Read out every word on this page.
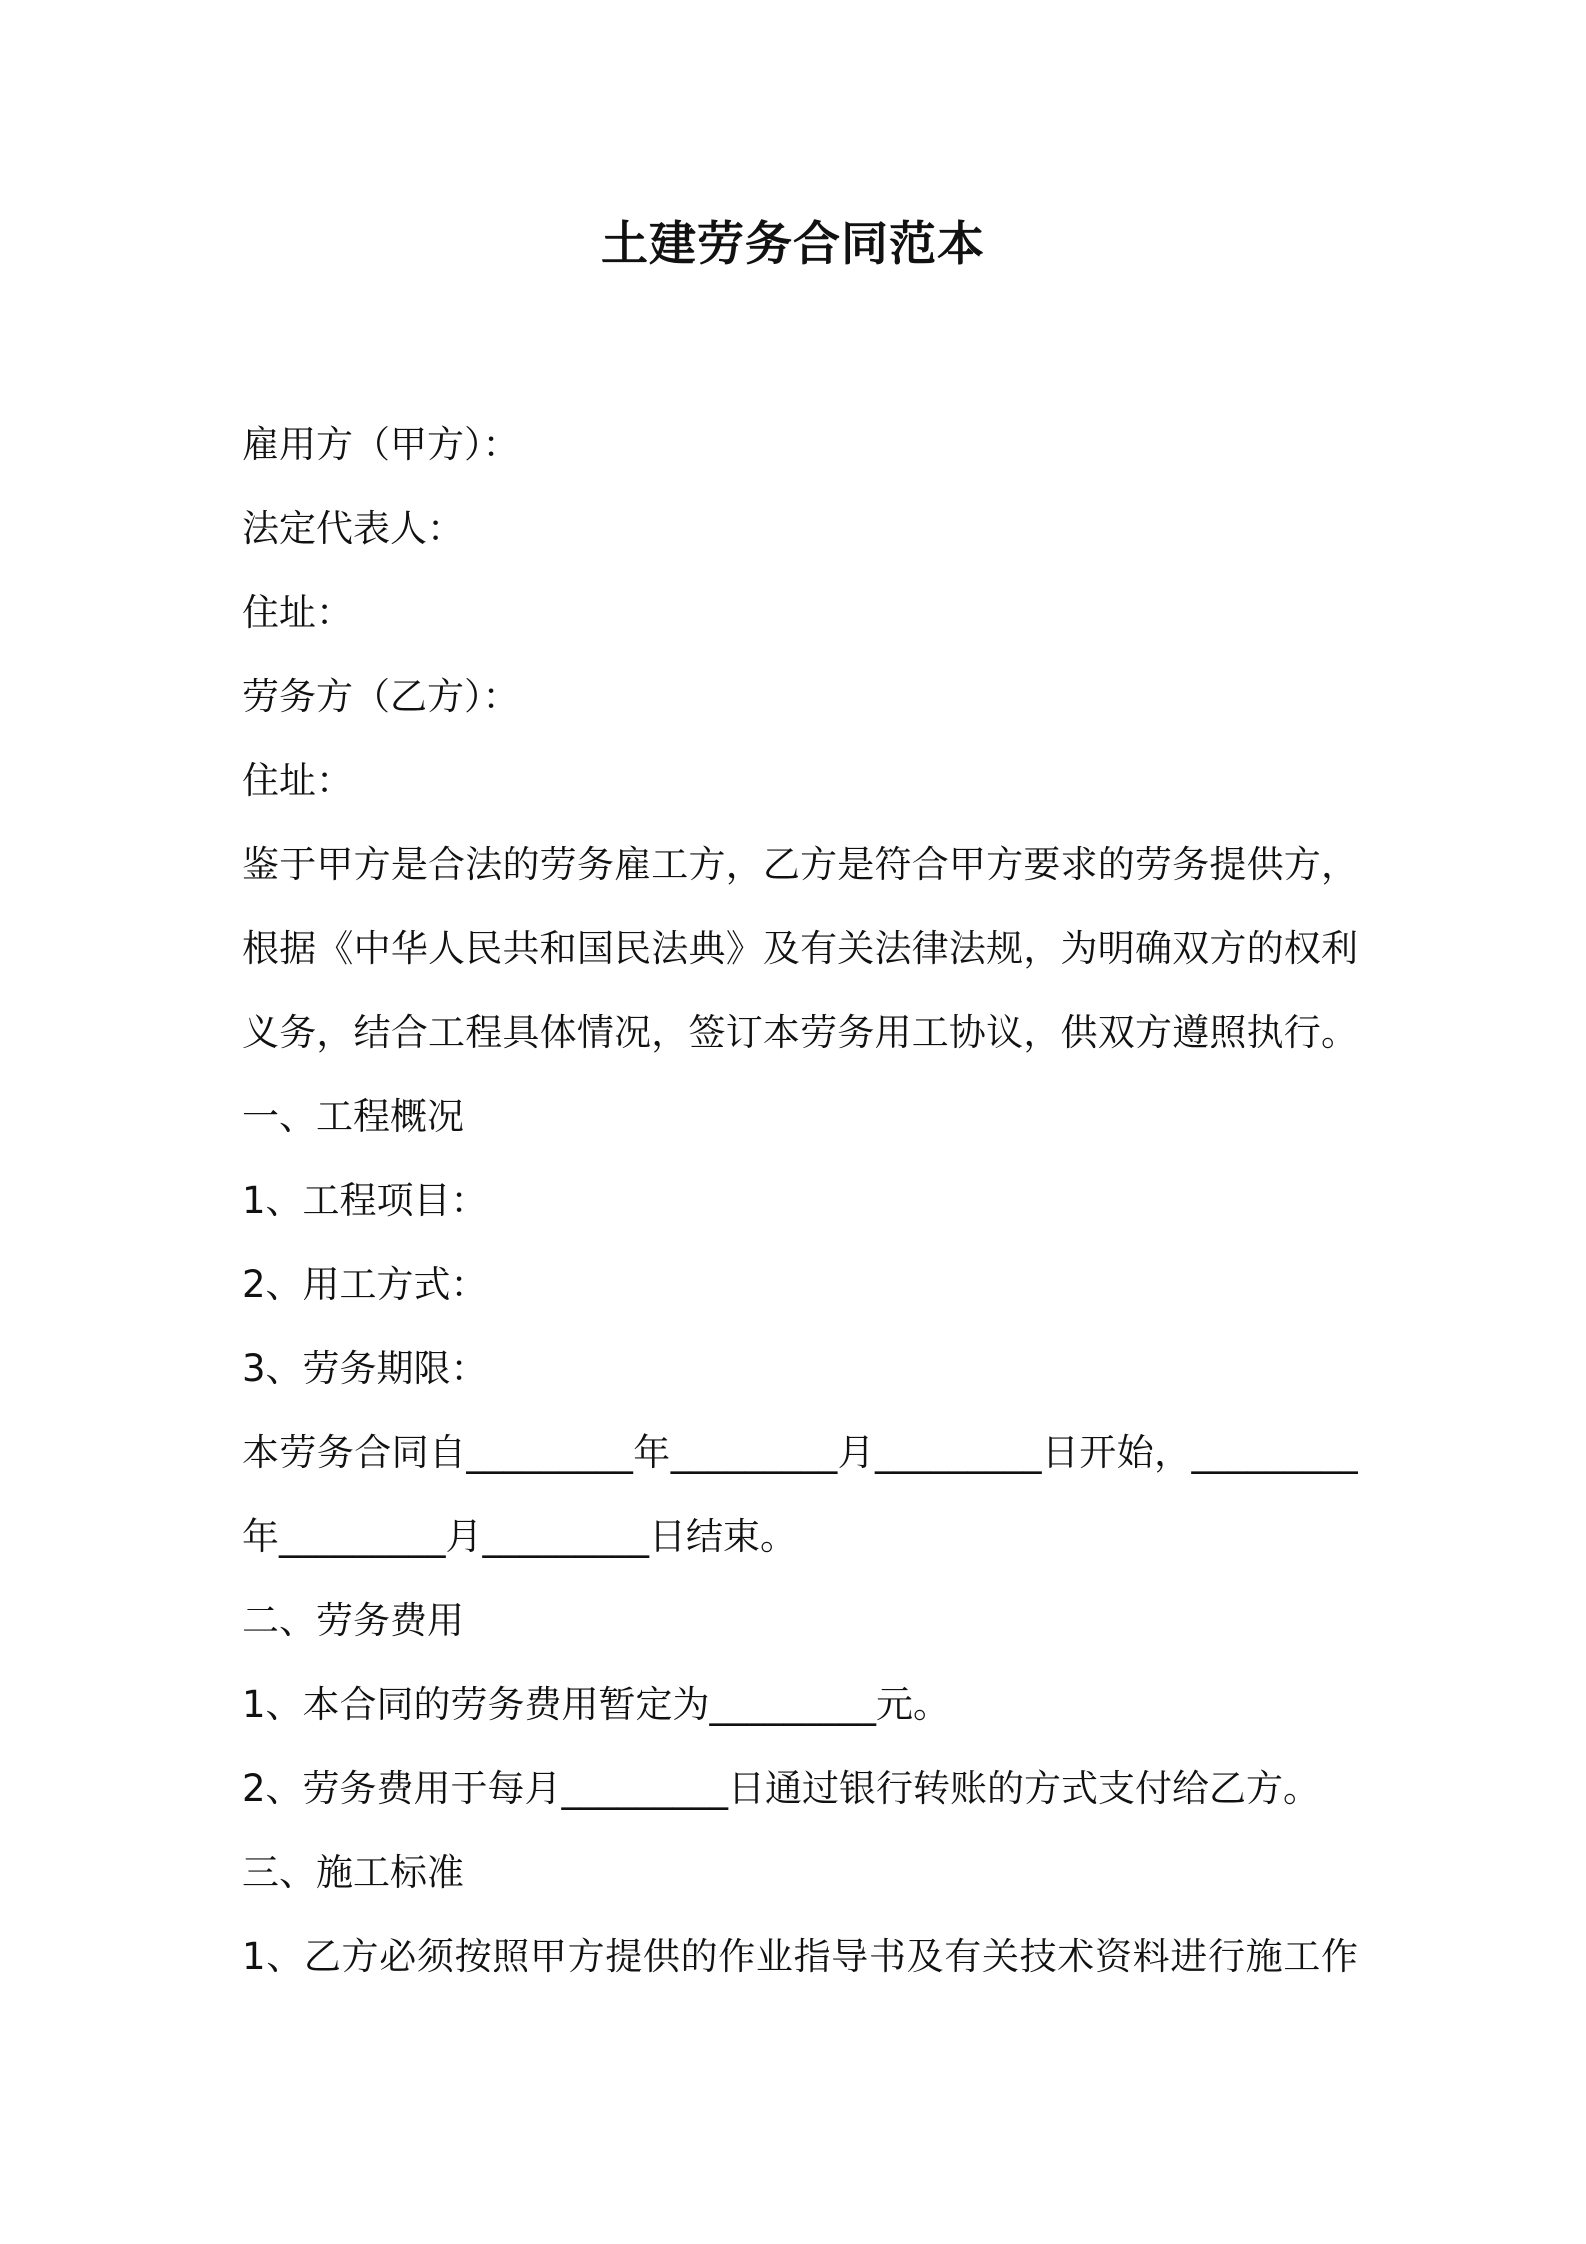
土建劳务合同范本
雇用方（甲方）：
法定代表人：
住址：
劳务方（乙方）：
住址：
鉴于甲方是合法的劳务雇工方，乙方是符合甲方要求的劳务提供方，
根据《中华人民共和国民法典》及有关法律法规，为明确双方的权利
义务，结合工程具体情况，签订本劳务用工协议，供双方遵照执行。
一、工程概况
1、工程项目：
2、用工方式：
3、劳务期限：
本劳务合同自_________年_________月_________日开始，_________
年_________月_________日结束。
二、劳务费用
1、本合同的劳务费用暂定为_________元。
2、劳务费用于每月_________日通过银行转账的方式支付给乙方。
三、施工标准
1、乙方必须按照甲方提供的作业指导书及有关技术资料进行施工作
